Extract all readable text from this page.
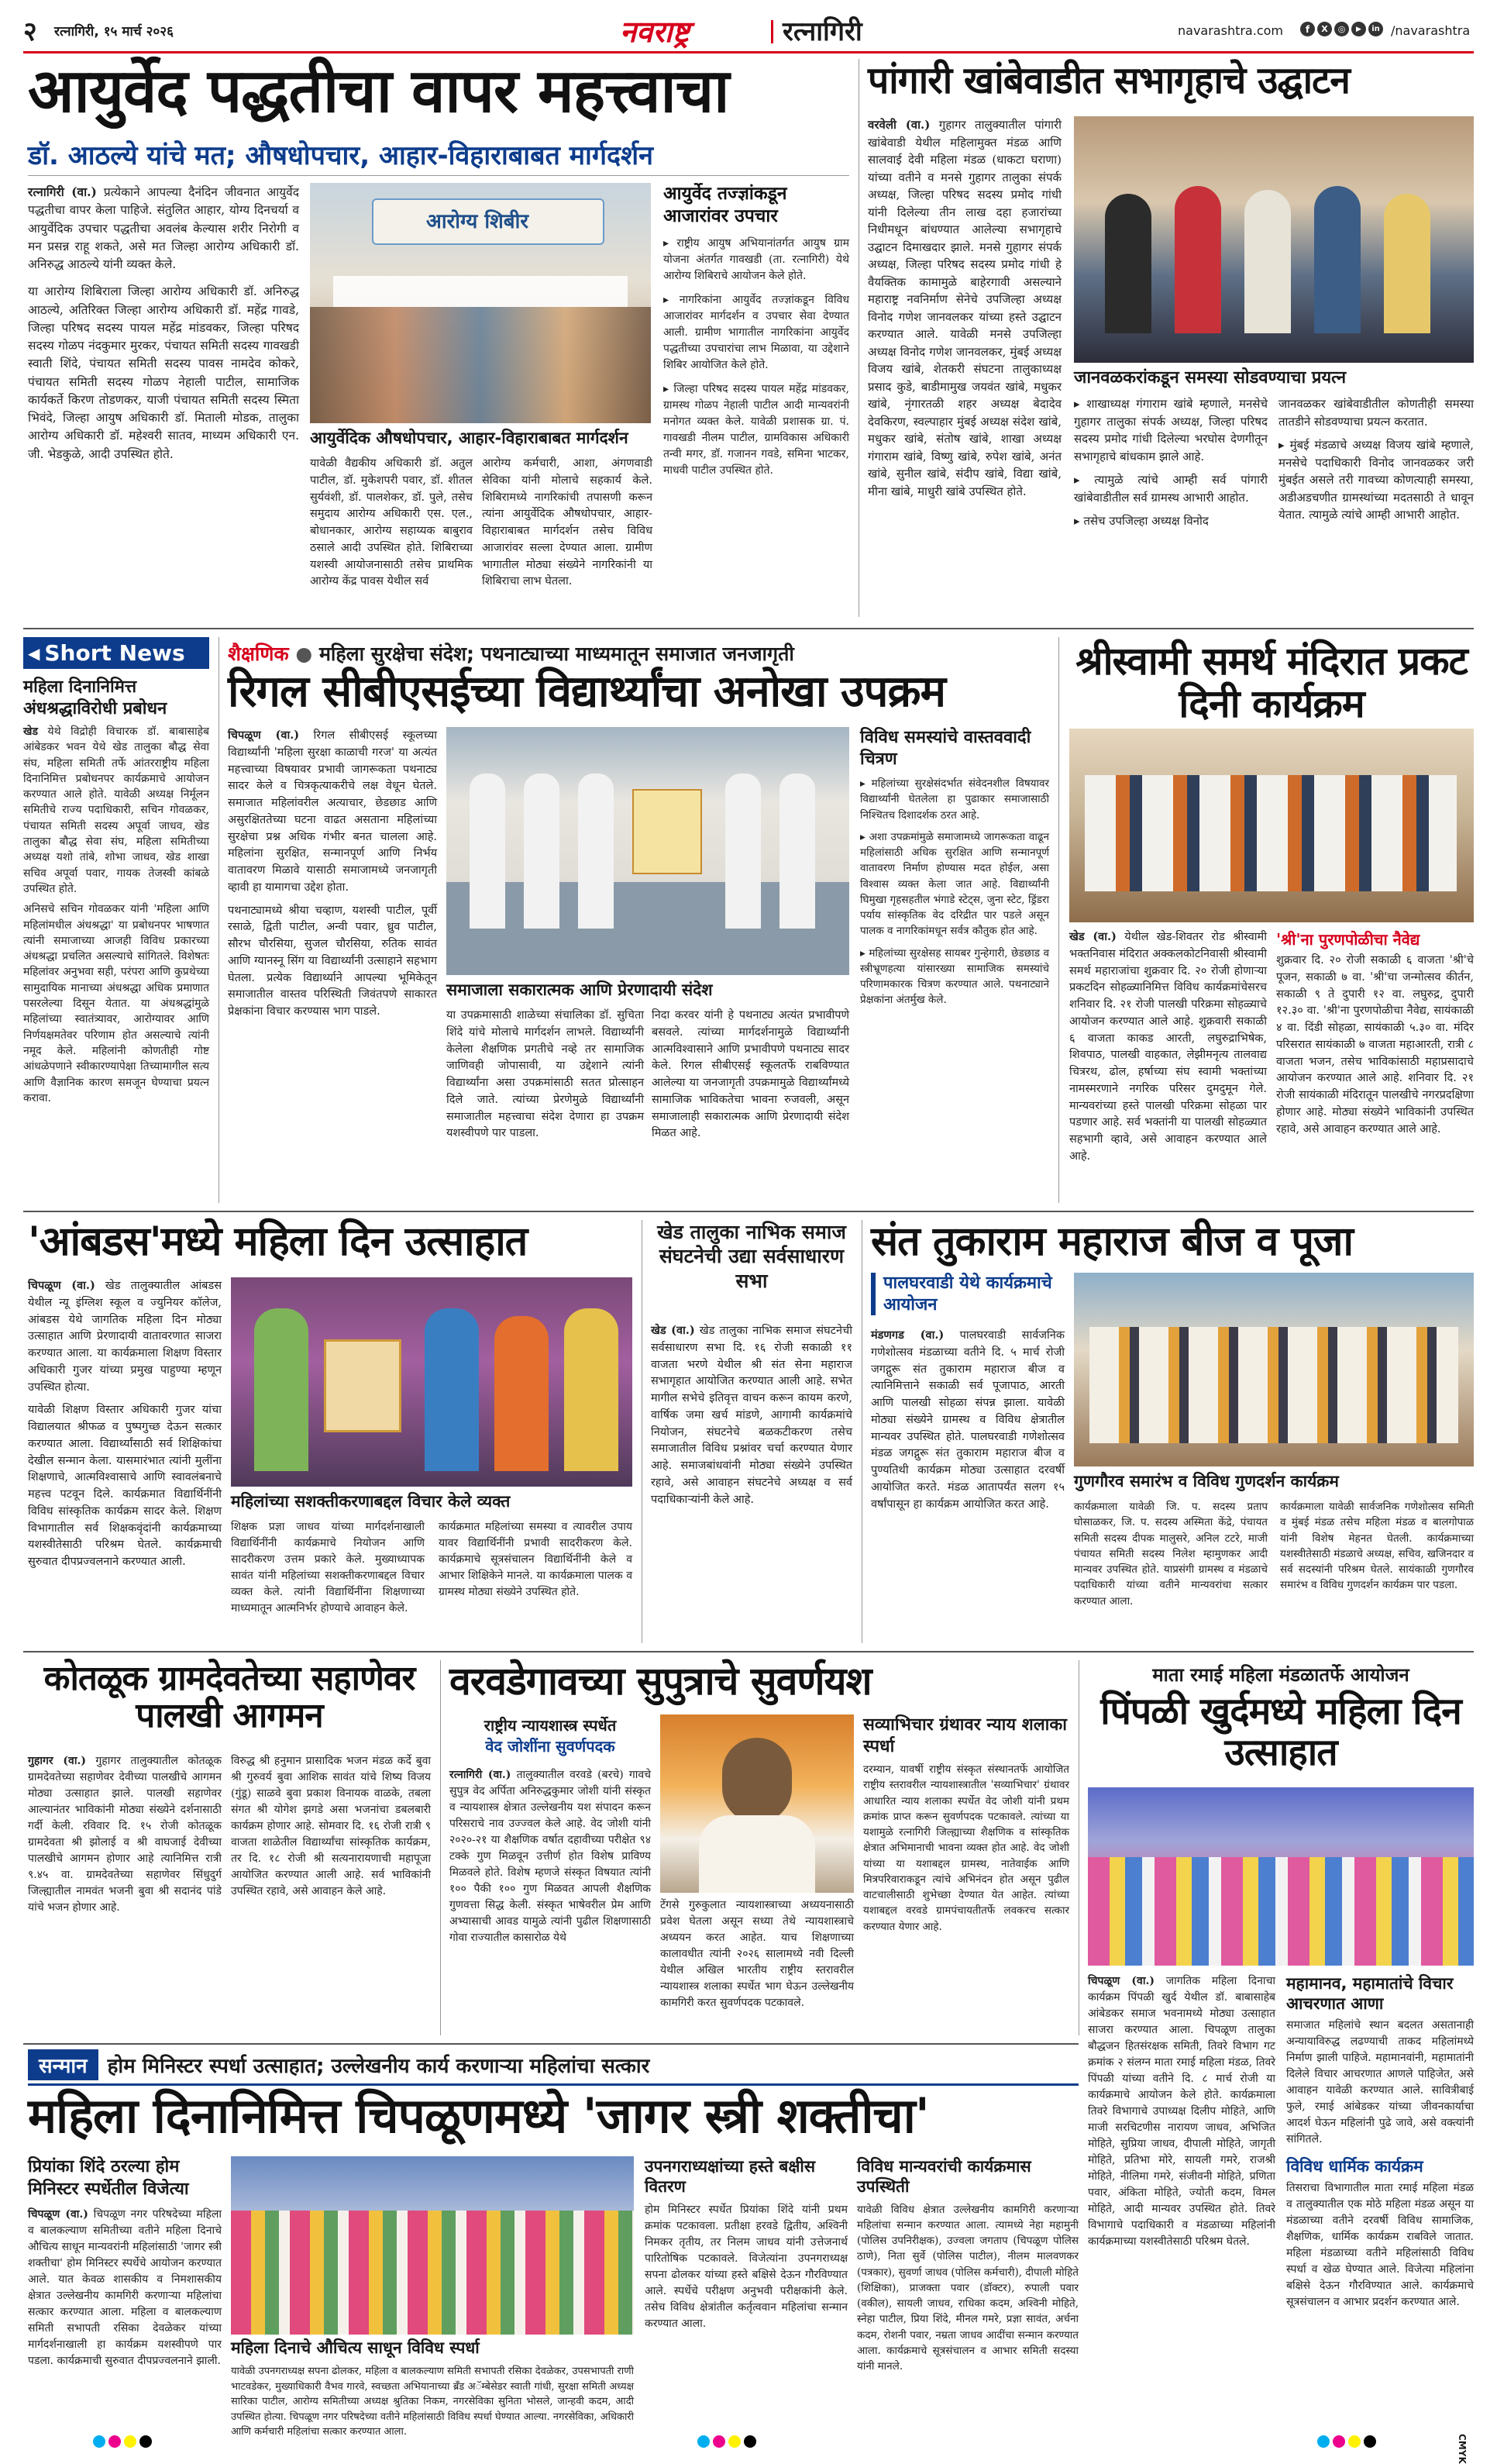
२ रत्नागिरी, १५ मार्च २०२६	नवराष्ट्र	रत्नागिरी	navarashtra.com	f	X	◎	▶	in /navarashtra
आयुर्वेद पद्धतीचा वापर महत्त्वाचा
डॉ. आठल्ये यांचे मत; औषधोपचार, आहार-विहाराबाबत मार्गदर्शन

रत्नागिरी (वा.) प्रत्येकाने आपल्या दैनंदिन जीवनात आयुर्वेद पद्धतीचा वापर केला पाहिजे. संतुलित आहार, योग्य दिनचर्या व आयुर्वेदिक उपचार पद्धतीचा अवलंब केल्यास शरीर निरोगी व मन प्रसन्न राहू शकते, असे मत जिल्हा आरोग्य अधिकारी डॉ. अनिरुद्ध आठल्ये यांनी व्यक्त केले.

या आरोग्य शिबिराला जिल्हा आरोग्य अधिकारी डॉ. अनिरुद्ध आठल्ये, अतिरिक्त जिल्हा आरोग्य अधिकारी डॉ. महेंद्र गावडे, जिल्हा परिषद सदस्य पायल महेंद्र मांडवकर, जिल्हा परिषद सदस्य गोळप नंदकुमार मुरकर, पंचायत समिती सदस्य गावखडी स्वाती शिंदे, पंचायत समिती सदस्य पावस नामदेव कोकरे, पंचायत समिती सदस्य गोळप नेहाली पाटील, सामाजिक कार्यकर्ते किरण तोडणकर, याजी पंचायत समिती सदस्य स्मिता भिवंदे, जिल्हा आयुष अधिकारी डॉ. मिताली मोडक, तालुका आरोग्य अधिकारी डॉ. महेश्वरी सातव, माध्यम अधिकारी एन. जी. भेडकुळे, आदी उपस्थित होते.

आरोग्य शिबीर
आयुर्वेदिक औषधोपचार, आहार-विहाराबाबत मार्गदर्शन
यावेळी वैद्यकीय अधिकारी डॉ. अतुल पाटील, डॉ. मुकेशपरी पवार, डॉ. शीतल सुर्यवंशी, डॉ. पालशेकर, डॉ. पुले, तसेच समुदाय आरोग्य अधिकारी एस. एल., बोधानकार, आरोग्य सहाय्यक बाबुराव ठसाले आदी उपस्थित होते. शिबिराच्या यशस्वी आयोजनासाठी तसेच प्राथमिक आरोग्य केंद्र पावस येथील सर्व
आरोग्य कर्मचारी, आशा, अंगणवाडी सेविका यांनी मोलाचे सहकार्य केले. शिबिरामध्ये नागरिकांची तपासणी करून त्यांना आयुर्वेदिक औषधोपचार, आहार-विहाराबाबत मार्गदर्शन तसेच विविध आजारांवर सल्ला देण्यात आला. ग्रामीण भागातील मोठ्या संख्येने नागरिकांनी या शिबिराचा लाभ घेतला.
आयुर्वेद तज्ज्ञांकडून आजारांवर उपचार
▸ राष्ट्रीय आयुष अभियानांतर्गत आयुष ग्राम योजना अंतर्गत गावखडी (ता. रत्नागिरी) येथे आरोग्य शिबिराचे आयोजन केले होते.
▸ नागरिकांना आयुर्वेद तज्ज्ञांकडून विविध आजारांवर मार्गदर्शन व उपचार सेवा देण्यात आली. ग्रामीण भागातील नागरिकांना आयुर्वेद पद्धतीच्या उपचारांचा लाभ मिळावा, या उद्देशाने शिबिर आयोजित केले होते.
▸ जिल्हा परिषद सदस्य पायल महेंद्र मांडवकर, ग्रामस्थ गोळप नेहाली पाटील आदी मान्यवरांनी मनोगत व्यक्त केले. यावेळी प्रशासक ग्रा. पं. गावखडी नीलम पाटील, ग्रामविकास अधिकारी तन्वी मगर, डॉ. गजानन गवडे, समिना भाटकर, माधवी पाटील उपस्थित होते.
पांगारी खांबेवाडीत सभागृहाचे उद्घाटन
वरवेली (वा.) गुहागर तालुक्यातील पांगारी खांबेवाडी येथील महिलामुक्त मंडळ आणि सालवाई देवी महिला मंडळ (धाकटा घराणा) यांच्या वतीने व मनसे गुहागर तालुका संपर्क अध्यक्ष, जिल्हा परिषद सदस्य प्रमोद गांधी यांनी दिलेल्या तीन लाख दहा हजारांच्या निधीमधून बांधण्यात आलेल्या सभागृहाचे उद्घाटन दिमाखदार झाले. मनसे गुहागर संपर्क अध्यक्ष, जिल्हा परिषद सदस्य प्रमोद गांधी हे वैयक्तिक कामामुळे बाहेरगावी असल्याने महाराष्ट्र नवनिर्माण सेनेचे उपजिल्हा अध्यक्ष विनोद गणेश जानवलकर यांच्या हस्ते उद्घाटन करण्यात आले. यावेळी मनसे उपजिल्हा अध्यक्ष विनोद गणेश जानवलकर, मुंबई अध्यक्ष विजय खांबे, शेतकरी संघटना तालुकाध्यक्ष प्रसाद कुडे, बाडीमामुख जयवंत खांबे, मधुकर खांबे, नृंगारतळी शहर अध्यक्ष बेदादेव देवकिरण, स्वल्पाहार मुंबई अध्यक्ष संदेश खांबे, मधुकर खांबे, संतोष खांबे, शाखा अध्यक्ष गंगाराम खांबे, विष्णु खांबे, रुपेश खांबे, अनंत खांबे, सुनील खांबे, संदीप खांबे, विद्या खांबे, मीना खांबे, माधुरी खांबे उपस्थित होते.
जानवळकरांकडून समस्या सोडवण्याचा प्रयत्न

▸ शाखाध्यक्ष गंगाराम खांबे म्हणाले, मनसेचे गुहागर तालुका संपर्क अध्यक्ष, जिल्हा परिषद सदस्य प्रमोद गांधी दिलेल्या भरघोस देणगीतून सभागृहाचे बांधकाम झाले आहे.

▸ त्यामुळे त्यांचे आम्ही सर्व पांगारी खांबेवाडीतील सर्व ग्रामस्थ आभारी आहोत.

▸ तसेच उपजिल्हा अध्यक्ष विनोद

जानवळकर खांबेवाडीतील कोणतीही समस्या तातडीने सोडवण्याचा प्रयत्न करतात.

▸ मुंबई मंडळाचे अध्यक्ष विजय खांबे म्हणाले, मनसेचे पदाधिकारी विनोद जानवळकर जरी मुंबईत असले तरी गावच्या कोणत्याही समस्या, अडीअडचणीत ग्रामस्थांच्या मदतसाठी ते धावून येतात. त्यामुळे त्यांचे आम्ही आभारी आहोत.

◀ Short News
महिला दिनानिमित्त अंधश्रद्धाविरोधी प्रबोधन

खेड येथे विद्रोही विचारक डॉ. बाबासाहेब आंबेडकर भवन येथे खेड तालुका बौद्ध सेवा संघ, महिला समिती तर्फे आंतरराष्ट्रीय महिला दिनानिमित्त प्रबोधनपर कार्यक्रमाचे आयोजन करण्यात आले होते. यावेळी अध्यक्ष निर्मूलन समितीचे राज्य पदाधिकारी, सचिन गोवळकर, पंचायत समिती सदस्य अपूर्वा जाधव, खेड तालुका बौद्ध सेवा संघ, महिला समितीच्या अध्यक्ष यशो तांबे, शोभा जाधव, खेड शाखा सचिव अपूर्वा पवार, गायक तेजस्वी कांबळे उपस्थित होते.

अनिसचे सचिन गोवळकर यांनी 'महिला आणि महिलांमधील अंधश्रद्धा' या प्रबोधनपर भाषणात त्यांनी समाजाच्या आजही विविध प्रकारच्या अंधश्रद्धा प्रचलित असल्याचे सांगितले. विशेषतः महिलांवर अनुभवा सही, परंपरा आणि कुप्रथेच्या सामुदायिक मानाच्या अंधश्रद्धा अधिक प्रमाणात पसरलेल्या दिसून येतात. या अंधश्रद्धांमुळे महिलांच्या स्वातंत्र्यावर, आरोग्यावर आणि निर्णयक्षमतेवर परिणाम होत असल्याचे त्यांनी नमूद केले. महिलांनी कोणतीही गोष्ट आंधळेपणाने स्वीकारण्यापेक्षा तिच्यामागील सत्य आणि वैज्ञानिक कारण समजून घेण्याचा प्रयत्न करावा.

शैक्षणिक ● महिला सुरक्षेचा संदेश; पथनाट्याच्या माध्यमातून समाजात जनजागृती
रिगल सीबीएसईच्या विद्यार्थ्यांचा अनोखा उपक्रम

चिपळूण (वा.) रिगल सीबीएसई स्कूलच्या विद्यार्थ्यांनी 'महिला सुरक्षा काळाची गरज' या अत्यंत महत्त्वाच्या विषयावर प्रभावी जागरूकता पथनाट्य सादर केले व चित्रकृत्याकरीचे लक्ष वेधून घेतले. समाजात महिलांवरील अत्याचार, छेडछाड आणि असुरक्षिततेच्या घटना वाढत असताना महिलांच्या सुरक्षेचा प्रश्न अधिक गंभीर बनत चालला आहे. महिलांना सुरक्षित, सन्मानपूर्ण आणि निर्भय वातावरण मिळावे यासाठी समाजामध्ये जनजागृती व्हावी हा यामागचा उद्देश होता.

पथनाट्यामध्ये श्रीया चव्हाण, यशस्वी पाटील, पूर्वी रसाळे, द्विती पाटील, अन्वी पवार, ध्रुव पाटील, सौरभ चौरसिया, सुजल चौरसिया, रुतिक सावंत आणि ग्यानस्नू सिंग या विद्यार्थ्यांनी उत्साहाने सहभाग घेतला. प्रत्येक विद्यार्थ्याने आपल्या भूमिकेतून समाजातील वास्तव परिस्थिती जिवंतपणे साकारत प्रेक्षकांना विचार करण्यास भाग पाडले.

समाजाला सकारात्मक आणि प्रेरणादायी संदेश
या उपक्रमासाठी शाळेच्या संचालिका डॉ. सुचिता शिंदे यांचे मोलाचे मार्गदर्शन लाभले. विद्यार्थ्यांनी केलेला शैक्षणिक प्रगतीचे नव्हे तर सामाजिक जाणिवही जोपासावी, या उद्देशाने त्यांनी विद्यार्थ्यांना असा उपक्रमांसाठी सतत प्रोत्साहन दिले जाते. त्यांच्या प्रेरणेमुळे विद्यार्थ्यांनी समाजातील महत्त्वाचा संदेश देणारा हा उपक्रम यशस्वीपणे पार पाडला.
निदा करवर यांनी हे पथनाट्य अत्यंत प्रभावीपणे बसवले. त्यांच्या मार्गदर्शनामुळे विद्यार्थ्यांनी आत्मविश्वासाने आणि प्रभावीपणे पथनाट्य सादर केले. रिगल सीबीएसई स्कूलतर्फे राबविण्यात आलेल्या या जनजागृती उपक्रमामुळे विद्यार्थ्यांमध्ये सामाजिक भाविकतेचा भावना रुजवली, असून समाजालाही सकारात्मक आणि प्रेरणादायी संदेश मिळत आहे.
विविध समस्यांचे वास्तववादी चित्रण
▸ महिलांच्या सुरक्षेसंदर्भात संवेदनशील विषयावर विद्यार्थ्यांनी घेतलेला हा पुढाकार समाजासाठी निश्चितच दिशादर्शक ठरत आहे.
▸ अशा उपक्रमांमुळे समाजामध्ये जागरूकता वाढून महिलांसाठी अधिक सुरक्षित आणि सन्मानपूर्ण वातावरण निर्माण होण्यास मदत होईल, असा विश्वास व्यक्त केला जात आहे. विद्यार्थ्यांनी घिमुखा गृहसहतील भंगाडे स्टेट्स, जुना स्टेट, ड्रिंडरा पर्याय सांस्कृतिक वेद दरिद्रीत पार पडले असून पालक व नागरिकांमधून सर्वत्र कौतुक होत आहे.
▸ महिलांच्या सुरक्षेसह सायबर गुन्हेगारी, छेडछाड व स्त्रीभ्रूणहत्या यांसारख्या सामाजिक समस्यांचे परिणामकारक चित्रण करण्यात आले. पथनाट्याने प्रेक्षकांना अंतर्मुख केले.
श्रीस्वामी समर्थ मंदिरात प्रकट दिनी कार्यक्रम
खेड (वा.) येथील खेड-शिवतर रोड श्रीस्वामी भक्तनिवास मंदिरात अक्कलकोटनिवासी श्रीस्वामी समर्थ महाराजांचा शुक्रवार दि. २० रोजी होणाऱ्या प्रकटदिन सोहळ्यानिमित्त विविध कार्यक्रमांचेसरच शनिवार दि. २१ रोजी पालखी परिक्रमा सोहळ्याचे आयोजन करण्यात आले आहे. शुक्रवारी सकाळी ६ वाजता काकड आरती, लघुरुद्राभिषेक, शिवपाठ, पालखी वाहकात, लेझीमनृत्य तालवाद्य चित्ररथ, ढोल, हर्षाच्या संघ स्वामी भक्तांच्या नामस्मरणाने नगरिक परिसर दुमदुमून गेले. मान्यवरांच्या हस्ते पालखी परिक्रमा सोहळा पार पडणार आहे. सर्व भक्तांनी या पालखी सोहळ्यात सहभागी व्हावे, असे आवाहन करण्यात आले आहे.
'श्री'ना पुरणपोळीचा नैवेद्य
शुक्रवार दि. २० रोजी सकाळी ६ वाजता 'श्री'चे पूजन, सकाळी ७ वा. 'श्री'चा जन्मोत्सव कीर्तन, सकाळी ९ ते दुपारी १२ वा. लघुरुद्र, दुपारी १२.३० वा. 'श्री'ना पुरणपोळीचा नैवेद्य, सायंकाळी ४ वा. दिंडी सोहळा, सायंकाळी ५.३० वा. मंदिर परिसरात सायंकाळी ७ वाजता महाआरती, रात्री ८ वाजता भजन, तसेच भाविकांसाठी महाप्रसादाचे आयोजन करण्यात आले आहे. शनिवार दि. २१ रोजी सायंकाळी मंदिरातून पालखीचे नगरप्रदक्षिणा होणार आहे. मोठ्या संख्येने भाविकांनी उपस्थित रहावे, असे आवाहन करण्यात आले आहे.
'आंबडस'मध्ये महिला दिन उत्साहात

चिपळूण (वा.) खेड तालुक्यातील आंबडस येथील न्यू इंग्लिश स्कूल व ज्युनियर कॉलेज, आंबडस येथे जागतिक महिला दिन मोठ्या उत्साहात आणि प्रेरणादायी वातावरणात साजरा करण्यात आला. या कार्यक्रमाला शिक्षण विस्तार अधिकारी गुजर यांच्या प्रमुख पाहुण्या म्हणून उपस्थित होत्या.

यावेळी शिक्षण विस्तार अधिकारी गुजर यांचा विद्यालयात श्रीफळ व पुष्पगुच्छ देऊन सत्कार करण्यात आला. विद्यार्थ्यांसाठी सर्व शिक्षिकांचा देखील सन्मान केला. यासमारंभात त्यांनी मुलींना शिक्षणाचे, आत्मविश्वासाचे आणि स्वावलंबनाचे महत्त्व पटवून दिले. कार्यक्रमात विद्यार्थिनींनी विविध सांस्कृतिक कार्यक्रम सादर केले. शिक्षण विभागातील सर्व शिक्षकवृंदांनी कार्यक्रमाच्या यशस्वीतेसाठी परिश्रम घेतले. कार्यक्रमाची सुरुवात दीपप्रज्वलनाने करण्यात आली.

महिलांच्या सशक्तीकरणाबद्दल विचार केले व्यक्त
शिक्षक प्रज्ञा जाधव यांच्या मार्गदर्शनाखाली विद्यार्थिनींनी कार्यक्रमाचे नियोजन आणि सादरीकरण उत्तम प्रकारे केले. मुख्याध्यापक सावंत यांनी महिलांच्या सशक्तीकरणाबद्दल विचार व्यक्त केले. त्यांनी विद्यार्थिनींना शिक्षणाच्या माध्यमातून आत्मनिर्भर होण्याचे आवाहन केले.
कार्यक्रमात महिलांच्या समस्या व त्यावरील उपाय यावर विद्यार्थिनींनी प्रभावी सादरीकरण केले. कार्यक्रमाचे सूत्रसंचालन विद्यार्थिनींनी केले व आभार शिक्षिकेने मानले. या कार्यक्रमाला पालक व ग्रामस्थ मोठ्या संख्येने उपस्थित होते.
खेड तालुका नाभिक समाज संघटनेची उद्या सर्वसाधारण सभा
खेड (वा.) खेड तालुका नाभिक समाज संघटनेची सर्वसाधारण सभा दि. १६ रोजी सकाळी ११ वाजता भरणे येथील श्री संत सेना महाराज सभागृहात आयोजित करण्यात आली आहे. सभेत मागील सभेचे इतिवृत्त वाचन करून कायम करणे, वार्षिक जमा खर्च मांडणे, आगामी कार्यक्रमांचे नियोजन, संघटनेचे बळकटीकरण तसेच समाजातील विविध प्रश्नांवर चर्चा करण्यात येणार आहे. समाजबांधवांनी मोठ्या संख्येने उपस्थित रहावे, असे आवाहन संघटनेचे अध्यक्ष व सर्व पदाधिकाऱ्यांनी केले आहे.
संत तुकाराम महाराज बीज व पूजा
पालघरवाडी येथे कार्यक्रमाचे आयोजन
मंडणगड (वा.) पालघरवाडी सार्वजनिक गणेशोत्सव मंडळाच्या वतीने दि. ५ मार्च रोजी जगद्गुरू संत तुकाराम महाराज बीज व त्यानिमित्ताने सकाळी सर्व पूजापाठ, आरती आणि पालखी सोहळा संपन्न झाला. यावेळी मोठ्या संख्येने ग्रामस्थ व विविध क्षेत्रातील मान्यवर उपस्थित होते. पालघरवाडी गणेशोत्सव मंडळ जगद्गुरू संत तुकाराम महाराज बीज व पुण्यतिथी कार्यक्रम मोठ्या उत्साहात दरवर्षी आयोजित करते. मंडळ आतापर्यंत सलग १५ वर्षांपासून हा कार्यक्रम आयोजित करत आहे.
गुणगौरव समारंभ व विविध गुणदर्शन कार्यक्रम
कार्यक्रमाला यावेळी जि. प. सदस्य प्रताप घोसाळकर, जि. प. सदस्य अस्मिता केंद्रे, पंचायत समिती सदस्य दीपक मालुसरे, अनिल टटरे, माजी पंचायत समिती सदस्य निलेश म्हामुणकर आदी मान्यवर उपस्थित होते. याप्रसंगी ग्रामस्थ व मंडळाचे पदाधिकारी यांच्या वतीने मान्यवरांचा सत्कार करण्यात आला.
कार्यक्रमाला यावेळी सार्वजनिक गणेशोत्सव समिती व मुंबई मंडळ तसेच महिला मंडळ व बालगोपाळ यांनी विशेष मेहनत घेतली. कार्यक्रमाच्या यशस्वीतेसाठी मंडळाचे अध्यक्ष, सचिव, खजिनदार व सर्व सदस्यांनी परिश्रम घेतले. सायंकाळी गुणगौरव समारंभ व विविध गुणदर्शन कार्यक्रम पार पडला.
कोतळूक ग्रामदेवतेच्या सहाणेवर पालखी आगमन
गुहागर (वा.) गुहागर तालुक्यातील कोतळूक ग्रामदेवतेच्या सहाणेवर देवीच्या पालखीचे आगमन मोठ्या उत्साहात झाले. पालखी सहाणेवर आल्यानंतर भाविकांनी मोठ्या संख्येने दर्शनासाठी गर्दी केली. रविवार दि. १५ रोजी कोतळूक ग्रामदेवता श्री झोलाई व श्री वाघजाई देवीच्या पालखीचे आगमन होणार आहे त्यानिमित्त रात्री ९.४५ वा. ग्रामदेवतेच्या सहाणेवर सिंधुदुर्ग जिल्ह्यातील नामवंत भजनी बुवा श्री सदानंद पांडे यांचे भजन होणार आहे.
विरुद्ध श्री हनुमान प्रासादिक भजन मंडळ कर्दे बुवा श्री गुरुवर्य बुवा आशिक सावंत यांचे शिष्य विजय (गुंडू) साळवे बुवा प्रकाश विनायक वाळके, तबला संगत श्री योगेश झगडे असा भजनांचा डबलबारी कार्यक्रम होणार आहे. सोमवार दि. १६ रोजी रात्री ९ वाजता शाळेतील विद्यार्थ्यांचा सांस्कृतिक कार्यक्रम, तर दि. १८ रोजी श्री सत्यनारायणाची महापूजा आयोजित करण्यात आली आहे. सर्व भाविकांनी उपस्थित रहावे, असे आवाहन केले आहे.
वरवडेगावच्या सुपुत्राचे सुवर्णयश
राष्ट्रीय न्यायशास्त्र स्पर्धेत
वेद जोशींना सुवर्णपदक
रत्नागिरी (वा.) तालुक्यातील वरवडे (बरचे) गावचे सुपुत्र वेद अर्पिता अनिरुद्धकुमार जोशी यांनी संस्कृत व न्यायशास्त्र क्षेत्रात उल्लेखनीय यश संपादन करून परिसराचे नाव उज्ज्वल केले आहे. वेद जोशी यांनी २०२०-२१ या शैक्षणिक वर्षात दहावीच्या परीक्षेत ९४ टक्के गुण मिळवून उत्तीर्ण होत विशेष प्राविण्य मिळवले होते. विशेष म्हणजे संस्कृत विषयात त्यांनी १०० पैकी १०० गुण मिळवत आपली शैक्षणिक गुणवत्ता सिद्ध केली. संस्कृत भाषेवरील प्रेम आणि अभ्यासाची आवड यामुळे त्यांनी पुढील शिक्षणासाठी गोवा राज्यातील कासारोळ येथे
टेंगसे गुरुकुलात न्यायशास्त्राच्या अध्ययनासाठी प्रवेश घेतला असून सध्या तेथे न्यायशास्त्राचे अध्ययन करत आहेत. याच शिक्षणाच्या कालावधीत त्यांनी २०२६ सालामध्ये नवी दिल्ली येथील अखिल भारतीय राष्ट्रीय स्तरावरील न्यायशास्त्र शलाका स्पर्धेत भाग घेऊन उल्लेखनीय कामगिरी करत सुवर्णपदक पटकावले.
सव्याभिचार ग्रंथावर न्याय शलाका स्पर्धा
दरम्यान, यावर्षी राष्ट्रीय संस्कृत संस्थानतर्फे आयोजित राष्ट्रीय स्तरावरील न्यायशास्त्रातील 'सव्याभिचार' ग्रंथावर आधारित न्याय शलाका स्पर्धेत वेद जोशी यांनी प्रथम क्रमांक प्राप्त करून सुवर्णपदक पटकावले. त्यांच्या या यशामुळे रत्नागिरी जिल्ह्याच्या शैक्षणिक व सांस्कृतिक क्षेत्रात अभिमानाची भावना व्यक्त होत आहे. वेद जोशी यांच्या या यशाबद्दल ग्रामस्थ, नातेवाईक आणि मित्रपरिवाराकडून त्यांचे अभिनंदन होत असून पुढील वाटचालीसाठी शुभेच्छा देण्यात येत आहेत. त्यांच्या यशाबद्दल वरवडे ग्रामपंचायतीतर्फे लवकरच सत्कार करण्यात येणार आहे.
माता रमाई महिला मंडळातर्फे आयोजन
पिंपळी खुर्दमध्ये महिला दिन उत्साहात
चिपळूण (वा.) जागतिक महिला दिनाचा कार्यक्रम पिंपळी खुर्द येथील डॉ. बाबासाहेब आंबेडकर समाज भवनामध्ये मोठ्या उत्साहात साजरा करण्यात आला. चिपळूण तालुका बौद्धजन हितसंरक्षक समिती, तिवरे विभाग गट क्रमांक २ संलग्न माता रमाई महिला मंडळ, तिवरे पिंपळी यांच्या वतीने दि. ८ मार्च रोजी या कार्यक्रमाचे आयोजन केले होते. कार्यक्रमाला तिवरे विभागाचे उपाध्यक्ष दिलीप मोहिते, आणि माजी सरचिटणीस नारायण जाधव, अभिजित मोहिते, सुप्रिया जाधव, दीपाली मोहिते, जागृती मोहिते, प्रतिभा मोरे, सायली गमरे, राजश्री मोहिते, नीलिमा गमरे, संजीवनी मोहिते, प्रणिता पवार, अंकिता मोहिते, ज्योती कदम, विमल मोहिते, आदी मान्यवर उपस्थित होते. तिवरे विभागाचे पदाधिकारी व मंडळाच्या महिलांनी कार्यक्रमाच्या यशस्वीतेसाठी परिश्रम घेतले.
महामानव, महामातांचे विचार आचरणात आणा
समाजात महिलांचे स्थान बदलत असतानाही अन्यायाविरुद्ध लढण्याची ताकद महिलांमध्ये निर्माण झाली पाहिजे. महामानवांनी, महामातांनी दिलेले विचार आचरणात आणले पाहिजेत, असे आवाहन यावेळी करण्यात आले. सावित्रीबाई फुले, रमाई आंबेडकर यांच्या जीवनकार्याचा आदर्श घेऊन महिलांनी पुढे जावे, असे वक्त्यांनी सांगितले.
विविध धार्मिक कार्यक्रम
तिसराचा विभागातील माता रमाई महिला मंडळ व तालुक्यातील एक मोठे महिला मंडळ असून या मंडळाच्या वतीने दरवर्षी विविध सामाजिक, शैक्षणिक, धार्मिक कार्यक्रम राबविले जातात. महिला मंडळाच्या वतीने महिलांसाठी विविध स्पर्धा व खेळ घेण्यात आले. विजेत्या महिलांना बक्षिसे देऊन गौरविण्यात आले. कार्यक्रमाचे सूत्रसंचालन व आभार प्रदर्शन करण्यात आले.
सन्मान	होम मिनिस्टर स्पर्धा उत्साहात; उल्लेखनीय कार्य करणाऱ्या महिलांचा सत्कार
महिला दिनानिमित्त चिपळूणमध्ये 'जागर स्त्री शक्तीचा'
प्रियांका शिंदे ठरल्या होम मिनिस्टर स्पर्धेतील विजेत्या
चिपळूण (वा.) चिपळूण नगर परिषदेच्या महिला व बालकल्याण समितीच्या वतीने महिला दिनाचे औचित्य साधून मान्यवरांनी महिलांसाठी 'जागर स्त्री शक्तीचा' होम मिनिस्टर स्पर्धेचे आयोजन करण्यात आले. यात केवळ शासकीय व निमशासकीय क्षेत्रात उल्लेखनीय कामगिरी करणाऱ्या महिलांचा सत्कार करण्यात आला. महिला व बालकल्याण समिती सभापती रसिका देवळेकर यांच्या मार्गदर्शनाखाली हा कार्यक्रम यशस्वीपणे पार पडला. कार्यक्रमाची सुरुवात दीपप्रज्वलनाने झाली.
महिला दिनाचे औचित्य साधून विविध स्पर्धा
यावेळी उपनगराध्यक्ष सपना ढोलकर, महिला व बालकल्याण समिती सभापती रसिका देवळेकर, उपसभापती राणी भाटवडेकर, मुख्याधिकारी वैभव गारवे, स्वच्छता अभियानाच्या ब्रँड अॅम्बेसेडर स्वाती गांधी, सुरक्षा समिती अध्यक्ष सारिका पाटील, आरोग्य समितीच्या अध्यक्ष श्रुतिका निकम, नगरसेविका सुनिता भोसले, जान्हवी कदम, आदी उपस्थित होत्या. चिपळूण नगर परिषदेच्या वतीने महिलांसाठी विविध स्पर्धा घेण्यात आल्या. नगरसेविका, अधिकारी आणि कर्मचारी महिलांचा सत्कार करण्यात आला.
उपनगराध्यक्षांच्या हस्ते बक्षीस वितरण
होम मिनिस्टर स्पर्धेत प्रियांका शिंदे यांनी प्रथम क्रमांक पटकावला. प्रतीक्षा हरवडे द्वितीय, अश्विनी निमकर तृतीय, तर निलम जाधव यांनी उत्तेजनार्थ पारितोषिक पटकावले. विजेत्यांना उपनगराध्यक्ष सपना ढोलकर यांच्या हस्ते बक्षिसे देऊन गौरविण्यात आले. स्पर्धेचे परीक्षण अनुभवी परीक्षकांनी केले. तसेच विविध क्षेत्रांतील कर्तृत्ववान महिलांचा सन्मान करण्यात आला.
विविध मान्यवरांची कार्यक्रमास उपस्थिती
यावेळी विविध क्षेत्रात उल्लेखनीय कामगिरी करणाऱ्या महिलांचा सन्मान करण्यात आला. त्यामध्ये नेहा महामुनी (पोलिस उपनिरीक्षक), उज्वला जगताप (चिपळूण पोलिस ठाणे), निता सुर्वे (पोलिस पाटील), नीलम मालवणकर (पत्रकार), सुवर्णा जाधव (पोलिस कर्मचारी), दीपाली मोहिते (शिक्षिका), प्राजक्ता पवार (डॉक्टर), रुपाली पवार (वकील), सायली जाधव, राधिका कदम, अश्विनी मोहिते, स्नेहा पाटील, प्रिया शिंदे, मीनल गमरे, प्रज्ञा सावंत, अर्चना कदम, रोशनी पवार, नम्रता जाधव आदींचा सन्मान करण्यात आला. कार्यक्रमाचे सूत्रसंचालन व आभार समिती सदस्या यांनी मानले.
CMYK
